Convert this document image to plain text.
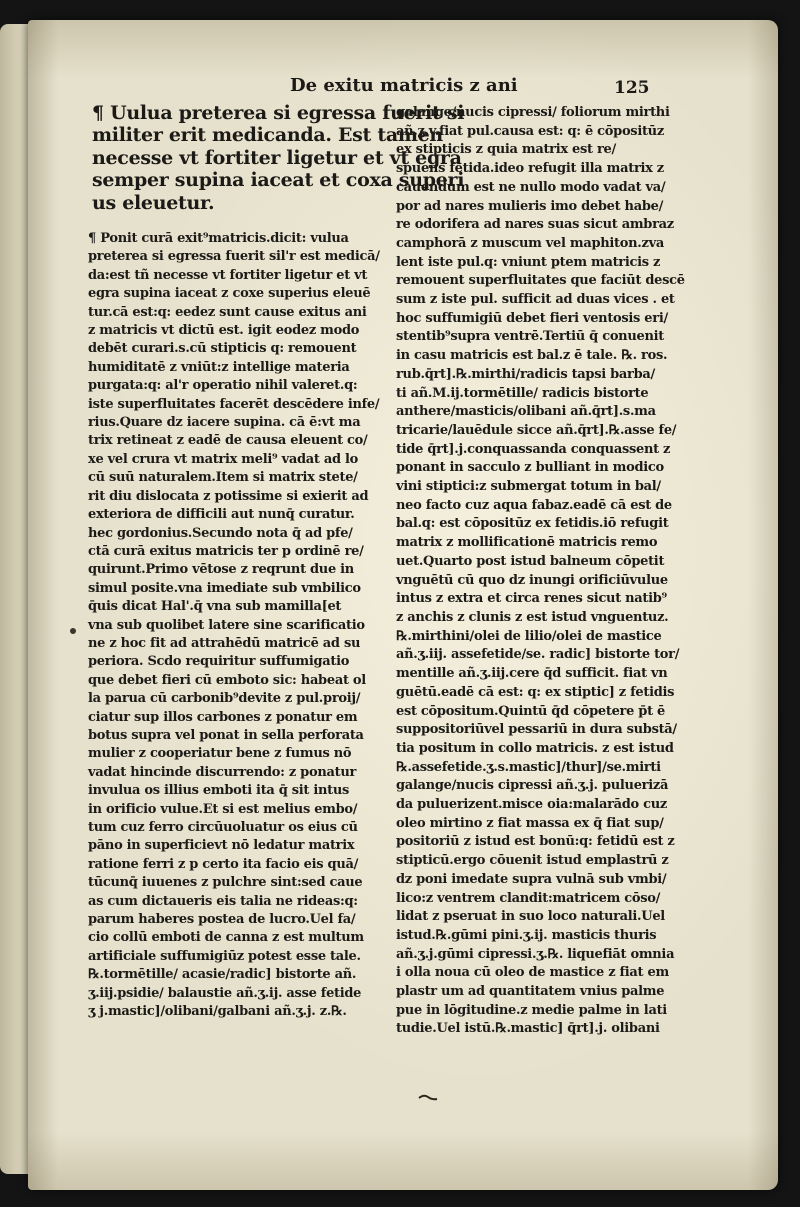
De exitu matricis z ani	125
¶ Uulua preterea si egressa fuerit si
militer erit medicanda. Est tamen
necesse vt fortiter ligetur et vt egra
semper supina iaceat et coxa superi
us eleuetur.
¶ Ponit curā exit⁹matricis.dicit: vulua
preterea si egressa fuerit sil'r est medicā/
da:est tñ necesse vt fortiter ligetur et vt
egra supina iaceat z coxe superius eleuē
tur.cā est:q: eedez sunt cause exitus ani
z matricis vt dictū est. igit eodez modo
debēt curari.s.cū stipticis q: remouent
humiditatē z vniūt:z intellige materia
purgata:q: al'r operatio nihil valeret.q:
iste superfluitates facerēt descēdere infe/
rius.Quare dz iacere supina. cā ē:vt ma
trix retineat z eadē de causa eleuent co/
xe vel crura vt matrix meli⁹ vadat ad lo
cū suū naturalem.Item si matrix stete/
rit diu dislocata z potissime si exierit ad
exteriora de difficili aut nunq̄ curatur.
hec gordonius.Secundo nota q̄ ad pfe/
ctā curā exitus matricis ter p ordinē re/
quirunt.Primo vētose z reqrunt due in
simul posite.vna imediate sub vmbilico
q̄uis dicat Hal'.q̄ vna sub mamilla[et
vna sub quolibet latere sine scarificatio
ne z hoc fit ad attrahēdū matricē ad su
periora. Scdo requiritur suffumigatio
que debet fieri cū emboto sic: habeat ol
la parua cū carbonib⁹devite z pul.proij/
ciatur sup illos carbones z ponatur em
botus supra vel ponat in sella perforata
mulier z cooperiatur bene z fumus nō
vadat hincinde discurrendo: z ponatur
invulua os illius emboti ita q̄ sit intus
in orificio vulue.Et si est melius embo/
tum cuz ferro circūuoluatur os eius cū
pāno in superficievt nō ledatur matrix
ratione ferri z p certo ita facio eis quā/
tūcunq̄ iuuenes z pulchre sint:sed caue
as cum dictaueris eis talia ne rideas:q:
parum haberes postea de lucro.Uel fa/
cio collū emboti de canna z est multum
artificiale suffumigiūz potest esse tale.
℞.tormētille/ acasie/radic] bistorte añ.
ʒ.iij.psidie/ balaustie añ.ʒ.ij. asse fetide
ʒ j.mastic]/olibani/galbani añ.ʒ.j. z.℞.
galange/nucis cipressi/ foliorum mirthi
añ.ʒ.v.fiat pul.causa est: q: ē cōpositūz
ex stipticis z quia matrix est re/
spuens fetida.ideo refugit illa matrix z
cauendum est ne nullo modo vadat va/
por ad nares mulieris imo debet habe/
re odorifera ad nares suas sicut ambraz
camphorā z muscum vel maphiton.zva
lent iste pul.q: vniunt ptem matricis z
remouent superfluitates que faciūt descē
sum z iste pul. sufficit ad duas vices . et
hoc suffumigiū debet fieri ventosis eri/
stentib⁹supra ventrē.Tertiū q̄ conuenit
in casu matricis est bal.z ē tale. ℞. ros.
rub.q̄rt].℞.mirthi/radicis tapsi barba/
ti añ.M.ij.tormētille/ radicis bistorte
anthere/masticis/olibani añ.q̄rt].s.ma
tricarie/lauēdule sicce añ.q̄rt].℞.asse fe/
tide q̄rt].j.conquassanda conquassent z
ponant in sacculo z bulliant in modico
vini stiptici:z submergat totum in bal/
neo facto cuz aqua fabaz.eadē cā est de
bal.q: est cōpositūz ex fetidis.iō refugit
matrix z mollificationē matricis remo
uet.Quarto post istud balneum cōpetit
vnguētū cū quo dz inungi orificiūvulue
intus z extra et circa renes sicut natib⁹
z anchis z clunis z est istud vnguentuz.
℞.mirthini/olei de lilio/olei de mastice
añ.ʒ.iij. assefetide/se. radic] bistorte tor/
mentille añ.ʒ.iij.cere q̄d sufficit. fiat vn
guētū.eadē cā est: q: ex stiptic] z fetidis
est cōpositum.Quintū q̄d cōpetere p̄t ē
suppositoriūvel pessariū in dura substā/
tia positum in collo matricis. z est istud
℞.assefetide.ʒ.s.mastic]/thur]/se.mirti
galange/nucis cipressi añ.ʒ.j. puluerizā
da puluerizent.misce oia:malarādo cuz
oleo mirtino z fiat massa ex q̄ fiat sup/
positoriū z istud est bonū:q: fetidū est z
stipticū.ergo cōuenit istud emplastrū z
dz poni imedate supra vulnā sub vmbi/
lico:z ventrem clandit:matricem cōso/
lidat z pseruat in suo loco naturali.Uel
istud.℞.gūmi pini.ʒ.ij. masticis thuris
añ.ʒ.j.gūmi cipressi.ʒ.℞. liquefiāt omnia
i olla noua cū oleo de mastice z fiat em
plastr um ad quantitatem vnius palme
pue in lōgitudine.z medie palme in lati
tudie.Uel istū.℞.mastic] q̄rt].j. olibani
